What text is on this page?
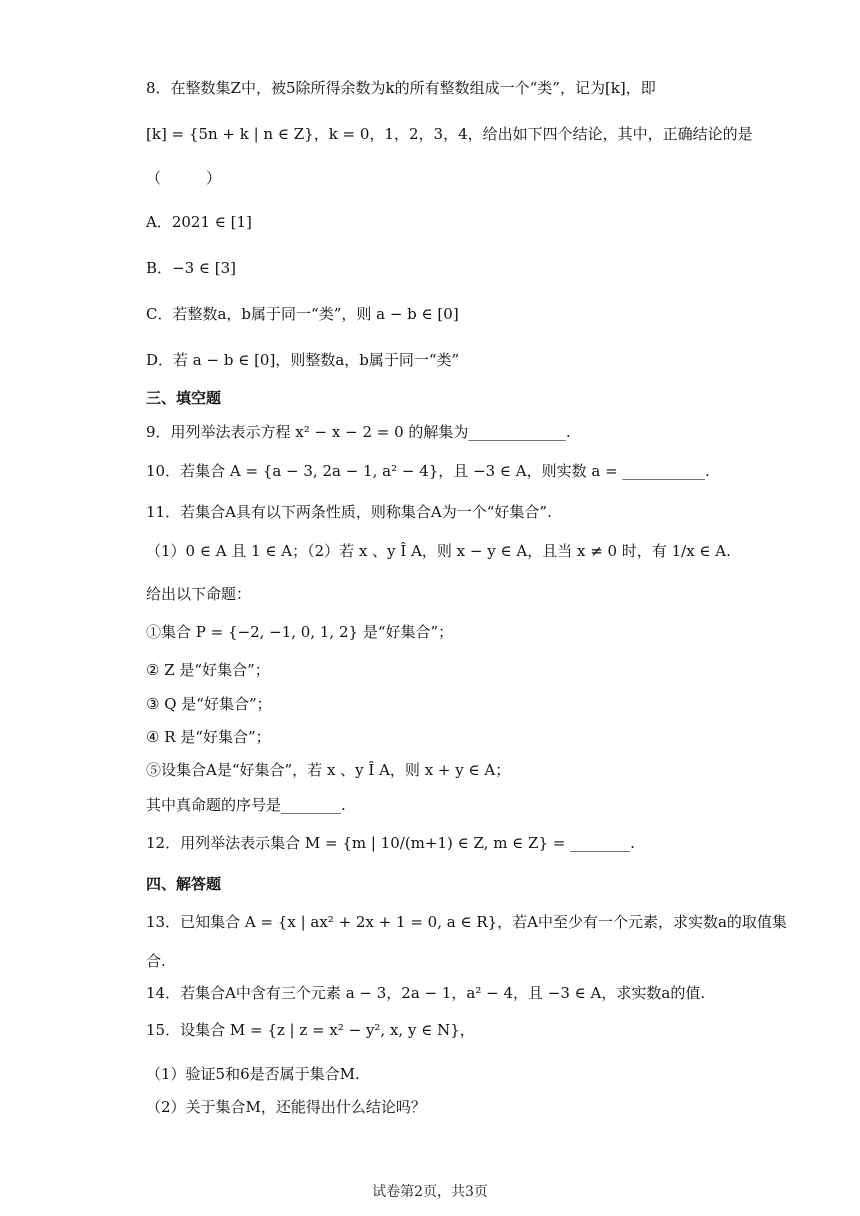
8．在整数集Z中，被5除所得余数为k的所有整数组成一个“类”，记为[k]，即
[k] = {5n + k | n ∈ Z}，k = 0，1，2，3，4，给出如下四个结论，其中，正确结论的是
（　　　）
A．2021 ∈ [1]
B．−3 ∈ [3]
C．若整数a，b属于同一“类”，则 a − b ∈ [0]
D．若 a − b ∈ [0]，则整数a，b属于同一“类”
三、填空题
9．用列举法表示方程 x² − x − 2 = 0 的解集为_____________.
10．若集合 A = {a − 3, 2a − 1, a² − 4}，且 −3 ∈ A，则实数 a = ___________.
11．若集合A具有以下两条性质，则称集合A为一个“好集合”.
（1）0 ∈ A 且 1 ∈ A；（2）若 x 、y Î A，则 x − y ∈ A，且当 x ≠ 0 时，有 1/x ∈ A.
给出以下命题：
①集合 P = {−2, −1, 0, 1, 2} 是“好集合”；
② Z 是“好集合”；
③ Q 是“好集合”；
④ R 是“好集合”；
⑤设集合A是“好集合”，若 x 、y Î A，则 x + y ∈ A；
其中真命题的序号是________.
12．用列举法表示集合 M = {m | 10/(m+1) ∈ Z, m ∈ Z} = ________.
四、解答题
13．已知集合 A = {x | ax² + 2x + 1 = 0, a ∈ R}，若A中至少有一个元素，求实数a的取值集
合.
14．若集合A中含有三个元素 a − 3，2a − 1，a² − 4，且 −3 ∈ A，求实数a的值.
15．设集合 M = {z | z = x² − y², x, y ∈ N}，
（1）验证5和6是否属于集合M.
（2）关于集合M，还能得出什么结论吗？
试卷第2页，共3页
